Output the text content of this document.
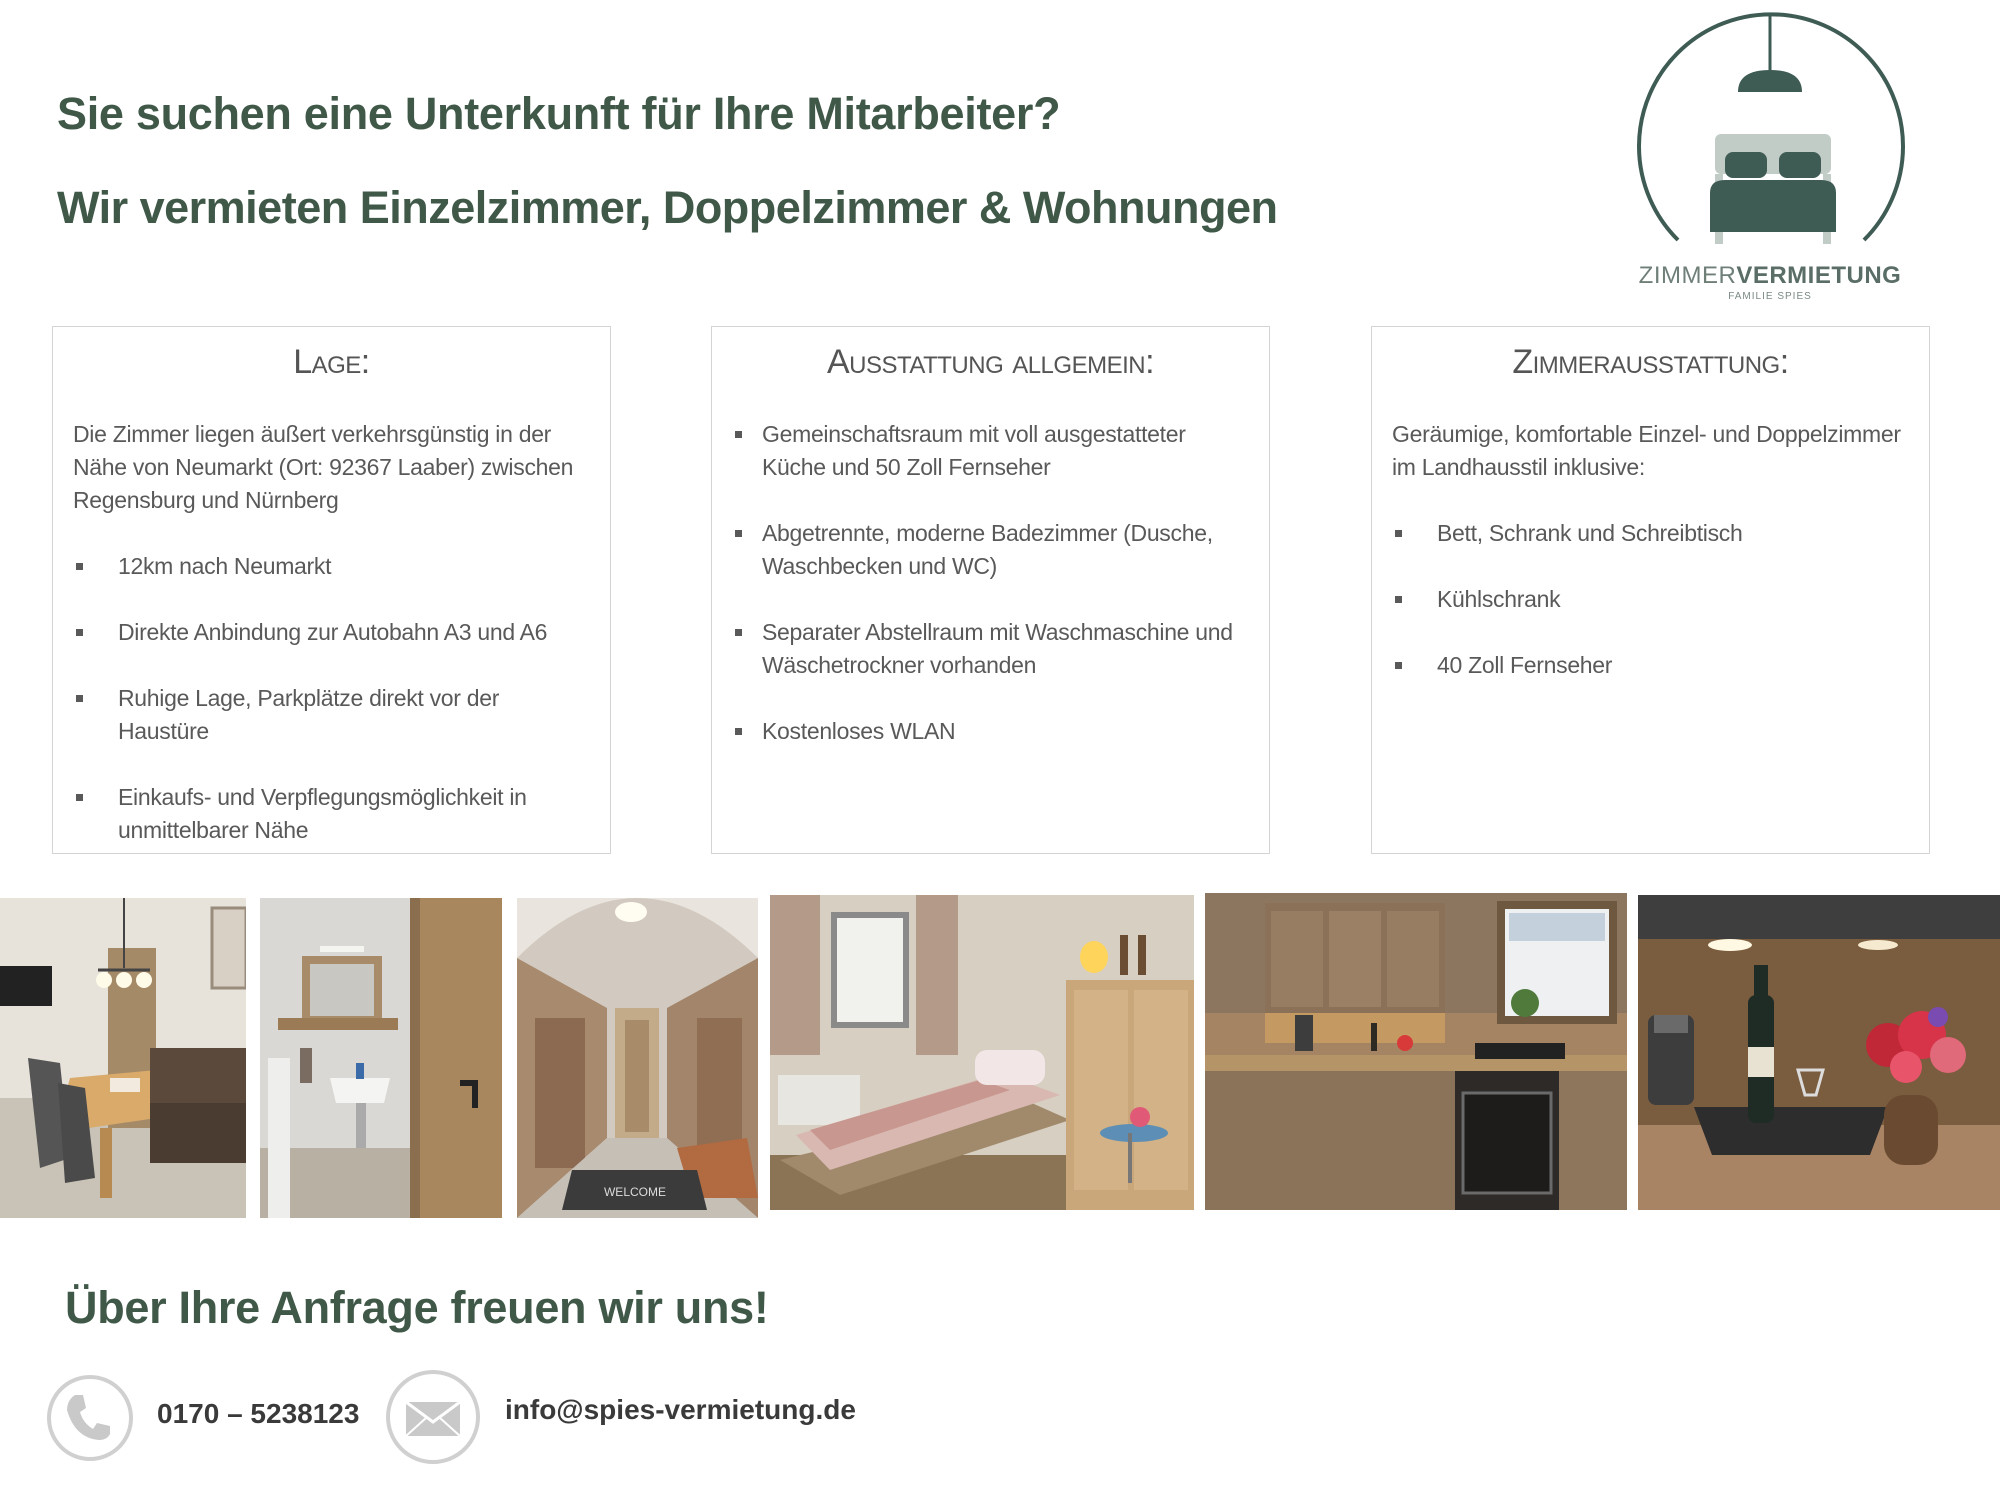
Sie suchen eine Unterkunft für Ihre Mitarbeiter?
Wir vermieten Einzelzimmer, Doppelzimmer & Wohnungen
ZIMMERVERMIETUNG
FAMILIE SPIES
Lage:

Die Zimmer liegen äußert verkehrsgünstig in der Nähe von Neumarkt (Ort: 92367 Laaber) zwischen Regensburg und Nürnberg

12km nach Neumarkt
Direkte Anbindung zur Autobahn A3 und A6
Ruhige Lage, Parkplätze direkt vor der Haustüre
Einkaufs- und Verpflegungsmöglichkeit in unmittelbarer Nähe
Ausstattung allgemein:
Gemeinschaftsraum mit voll ausgestatteter Küche und 50 Zoll Fernseher
Abgetrennte, moderne Badezimmer (Dusche, Waschbecken und WC)
Separater Abstellraum mit Waschmaschine und Wäschetrockner vorhanden
Kostenloses WLAN
Zimmerausstattung:

Geräumige, komfortable Einzel- und Doppelzimmer im Landhausstil inklusive:

Bett, Schrank und Schreibtisch
Kühlschrank
40 Zoll Fernseher
WELCOME
Über Ihre Anfrage freuen wir uns!
0170 – 5238123	info@spies-vermietung.de
